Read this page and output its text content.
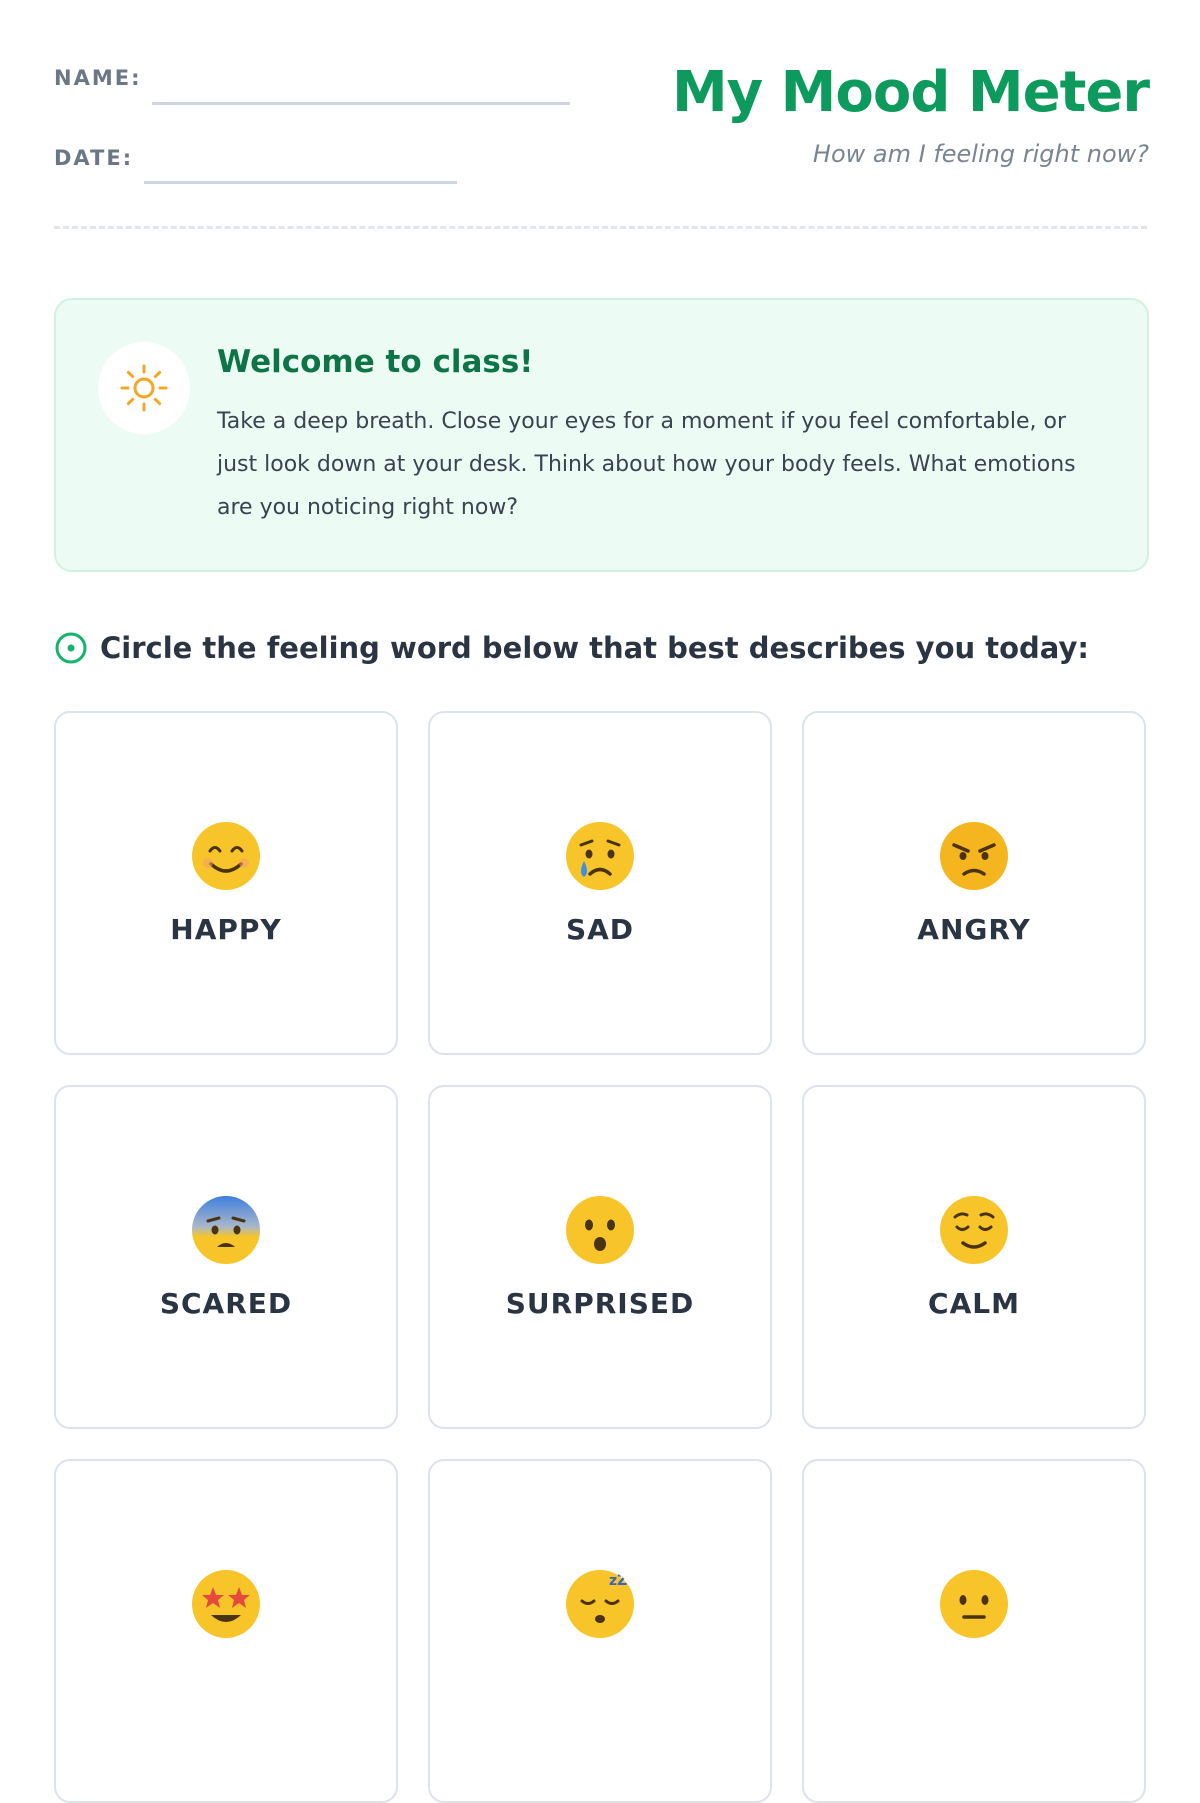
NAME:
DATE:
My Mood Meter
How am I feeling right now?
Welcome to class!

Take a deep breath. Close your eyes for a moment if you feel comfortable, or just look down at your desk. Think about how your body feels. What emotions are you noticing right now?

Circle the feeling word below that best describes you today:
HAPPY	SAD	ANGRY
SCARED	SURPRISED	CALM
zZ
